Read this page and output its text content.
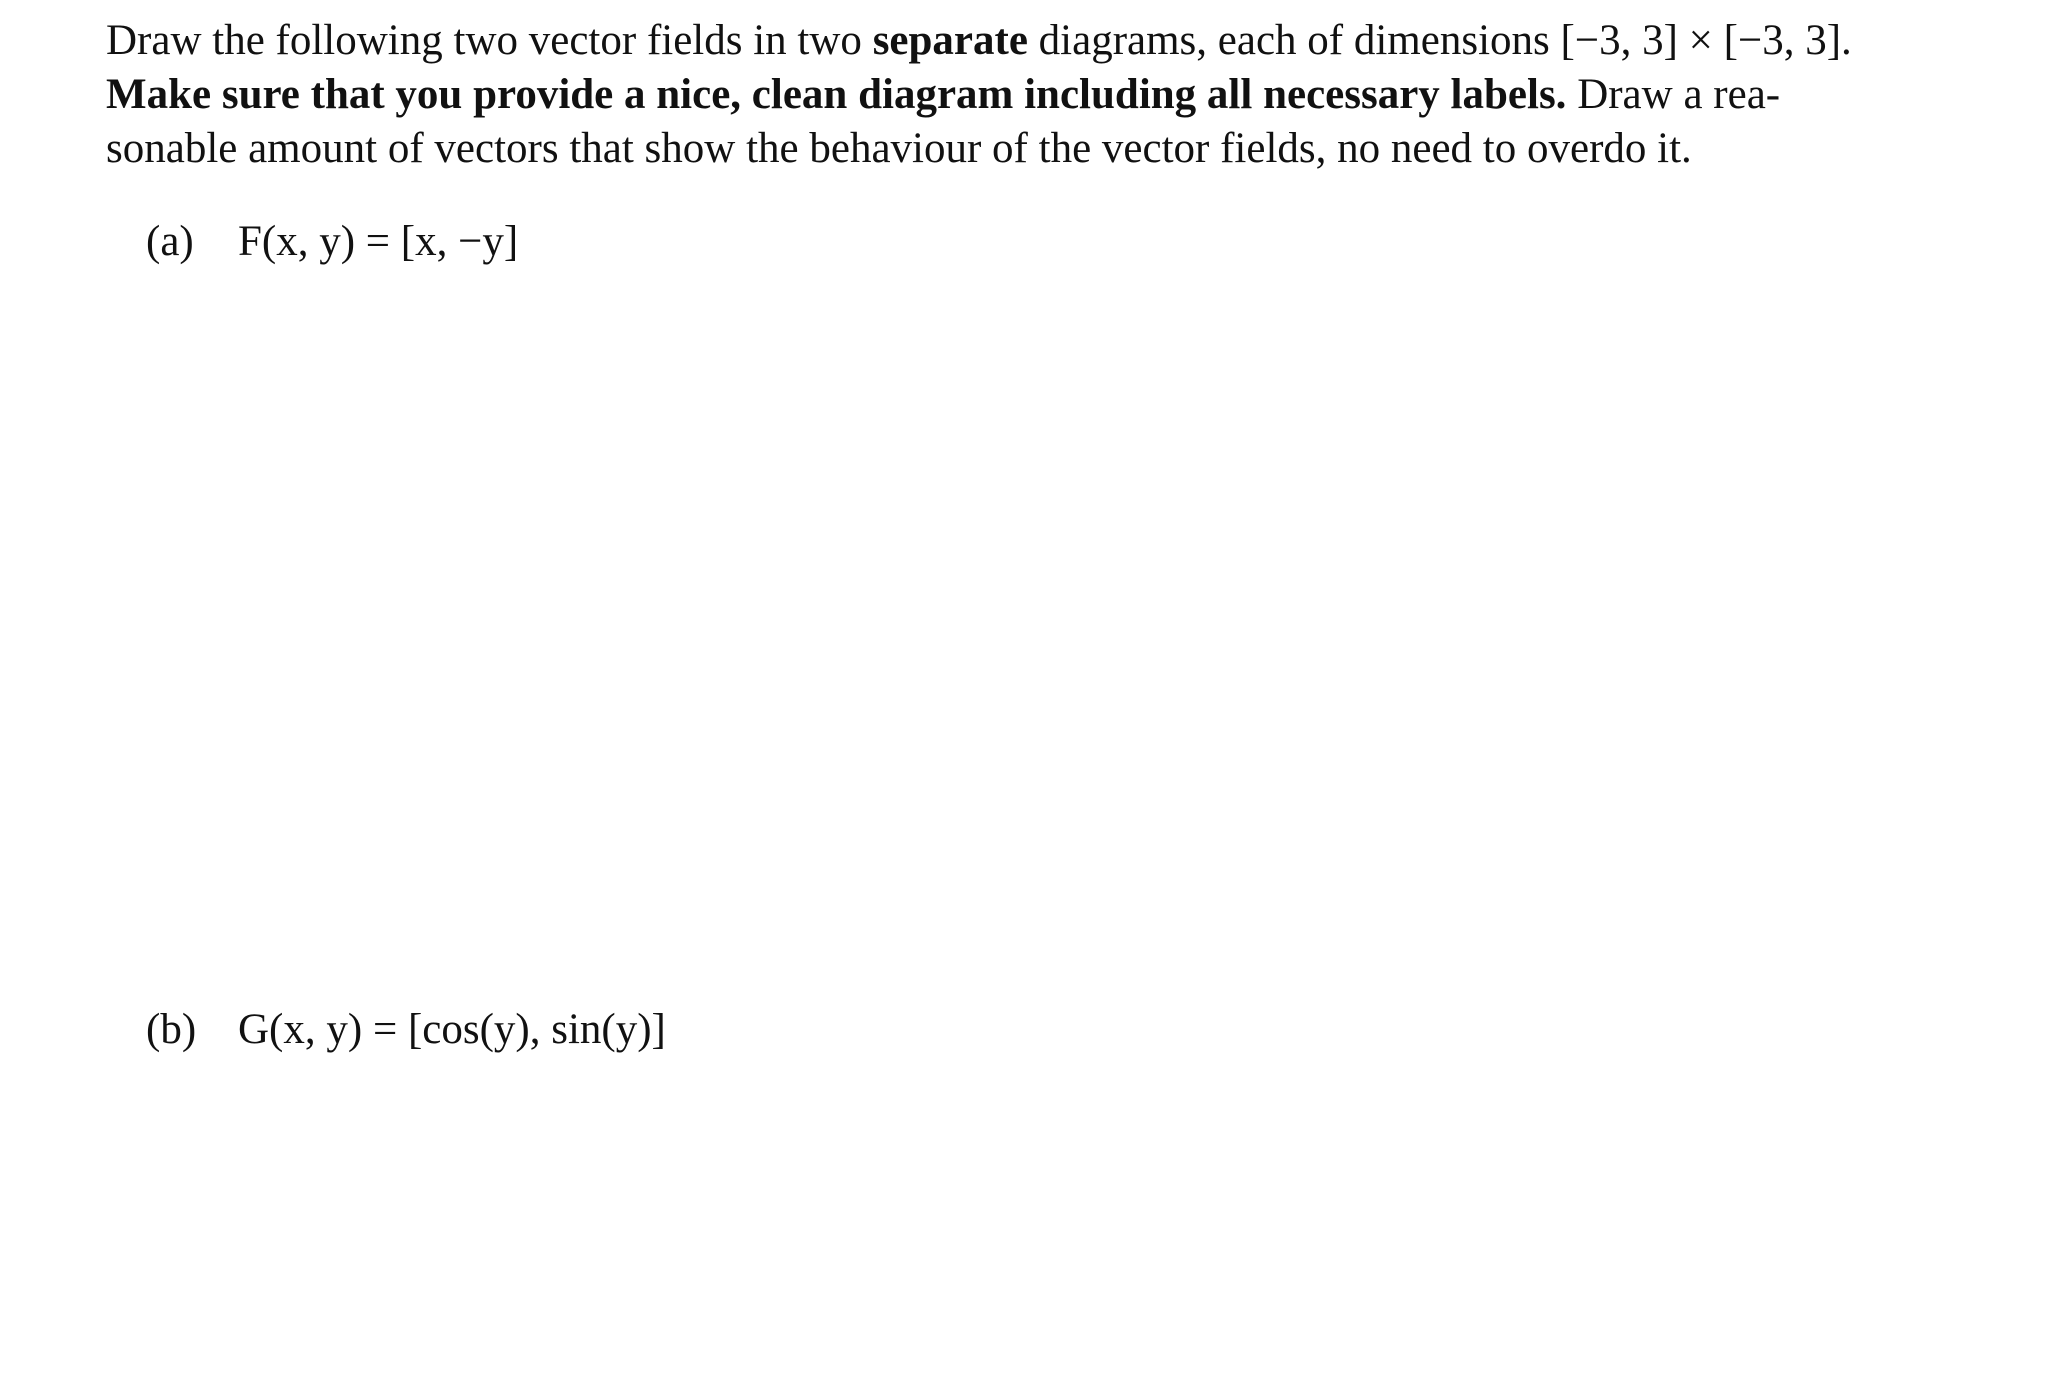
Draw the following two vector fields in two separate diagrams, each of dimensions [−3, 3] × [−3, 3].
Make sure that you provide a nice, clean diagram including all necessary labels. Draw a rea-
sonable amount of vectors that show the behaviour of the vector fields, no need to overdo it.
(a) F(x, y) = [x, −y]
(b) G(x, y) = [cos(y), sin(y)]
